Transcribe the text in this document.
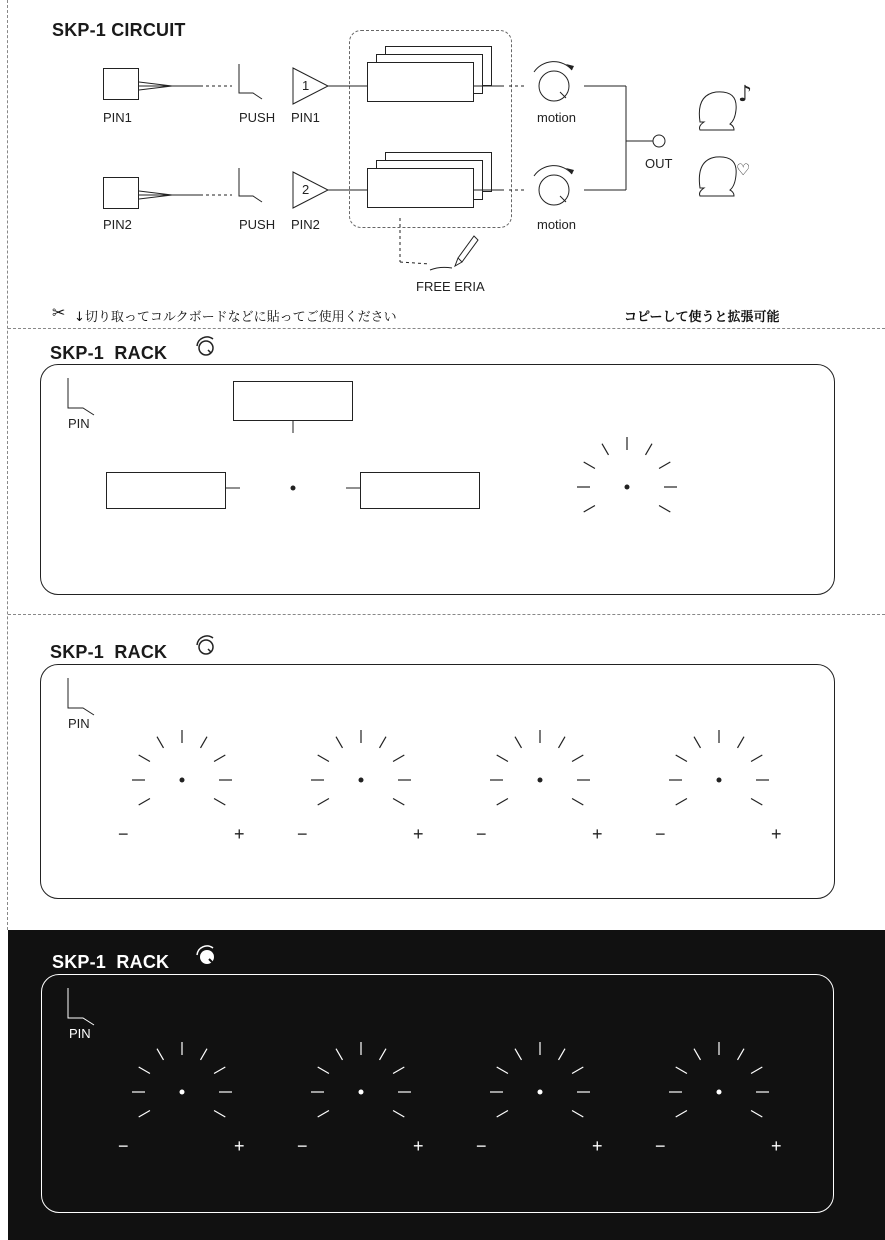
SKP-1 CIRCUIT
PIN1	PUSH PIN1	motion
PIN2	PUSH PIN2	motion
1
2
OUT
FREE ERIA
♪
♡
✂ ↓切り取ってコルクボードなどに貼ってご使用ください	コピーして使うと拡張可能
SKP-1  RACK
PIN
SKP-1  RACK
PIN
−	+	−	+	−	+	−	+
SKP-1  RACK
PIN
−	+	−	+	−	+	−	+
